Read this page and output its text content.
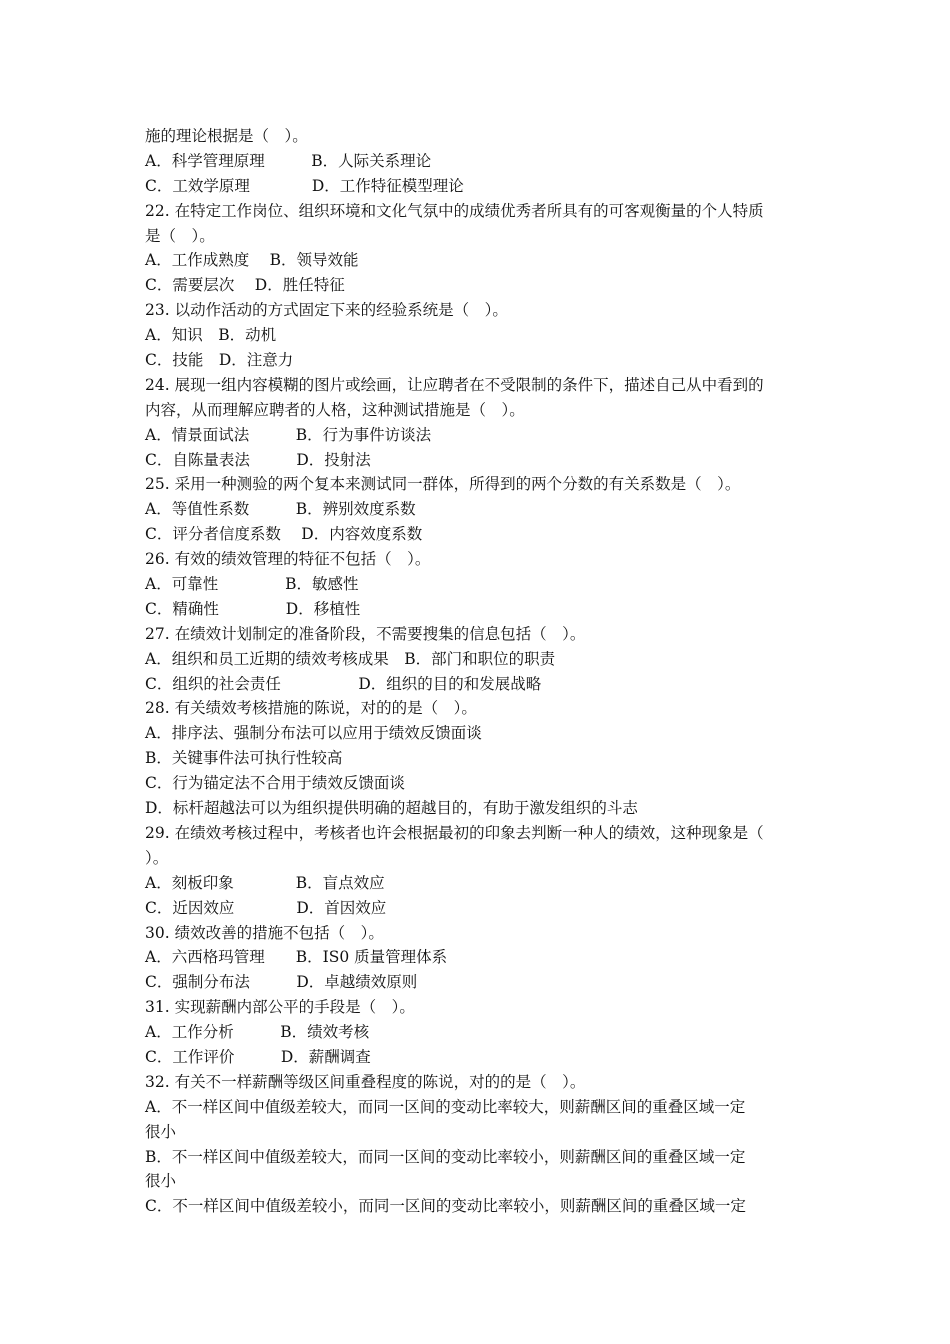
施的理论根据是（　）。
A．科学管理原理　　　B．人际关系理论
C．工效学原理　　　　D．工作特征模型理论
22. 在特定工作岗位、组织环境和文化气氛中的成绩优秀者所具有的可客观衡量的个人特质
是（　）。
A．工作成熟度　 B．领导效能
C．需要层次　 D．胜任特征
23. 以动作活动的方式固定下来的经验系统是（　）。
A．知识　B．动机
C．技能　D．注意力
24. 展现一组内容模糊的图片或绘画，让应聘者在不受限制的条件下，描述自己从中看到的
内容，从而理解应聘者的人格，这种测试措施是（　）。
A．情景面试法　　　B．行为事件访谈法
C．自陈量表法　　　D．投射法
25. 采用一种测验的两个复本来测试同一群体，所得到的两个分数的有关系数是（　）。
A．等值性系数　　　B．辨别效度系数
C．评分者信度系数　 D．内容效度系数
26. 有效的绩效管理的特征不包括（　）。
A．可靠性　　　　 B．敏感性
C．精确性　　　　 D．移植性
27. 在绩效计划制定的准备阶段，不需要搜集的信息包括（　）。
A．组织和员工近期的绩效考核成果　B．部门和职位的职责
C．组织的社会责任　　　　　D．组织的目的和发展战略
28. 有关绩效考核措施的陈说，对的的是（　）。
A．排序法、强制分布法可以应用于绩效反馈面谈
B．关键事件法可执行性较高
C．行为锚定法不合用于绩效反馈面谈
D．标杆超越法可以为组织提供明确的超越目的，有助于激发组织的斗志
29. 在绩效考核过程中，考核者也许会根据最初的印象去判断一种人的绩效，这种现象是（
）。
A．刻板印象　　　　B．盲点效应
C．近因效应　　　　D．首因效应
30. 绩效改善的措施不包括（　）。
A．六西格玛管理　　B．IS0 质量管理体系
C．强制分布法　　　D．卓越绩效原则
31. 实现薪酬内部公平的手段是（　）。
A．工作分析　　　B．绩效考核
C．工作评价　　　D．薪酬调查
32. 有关不一样薪酬等级区间重叠程度的陈说，对的的是（　）。
A．不一样区间中值级差较大，而同一区间的变动比率较大，则薪酬区间的重叠区域一定
很小
B．不一样区间中值级差较大，而同一区间的变动比率较小，则薪酬区间的重叠区域一定
很小
C．不一样区间中值级差较小，而同一区间的变动比率较小，则薪酬区间的重叠区域一定
